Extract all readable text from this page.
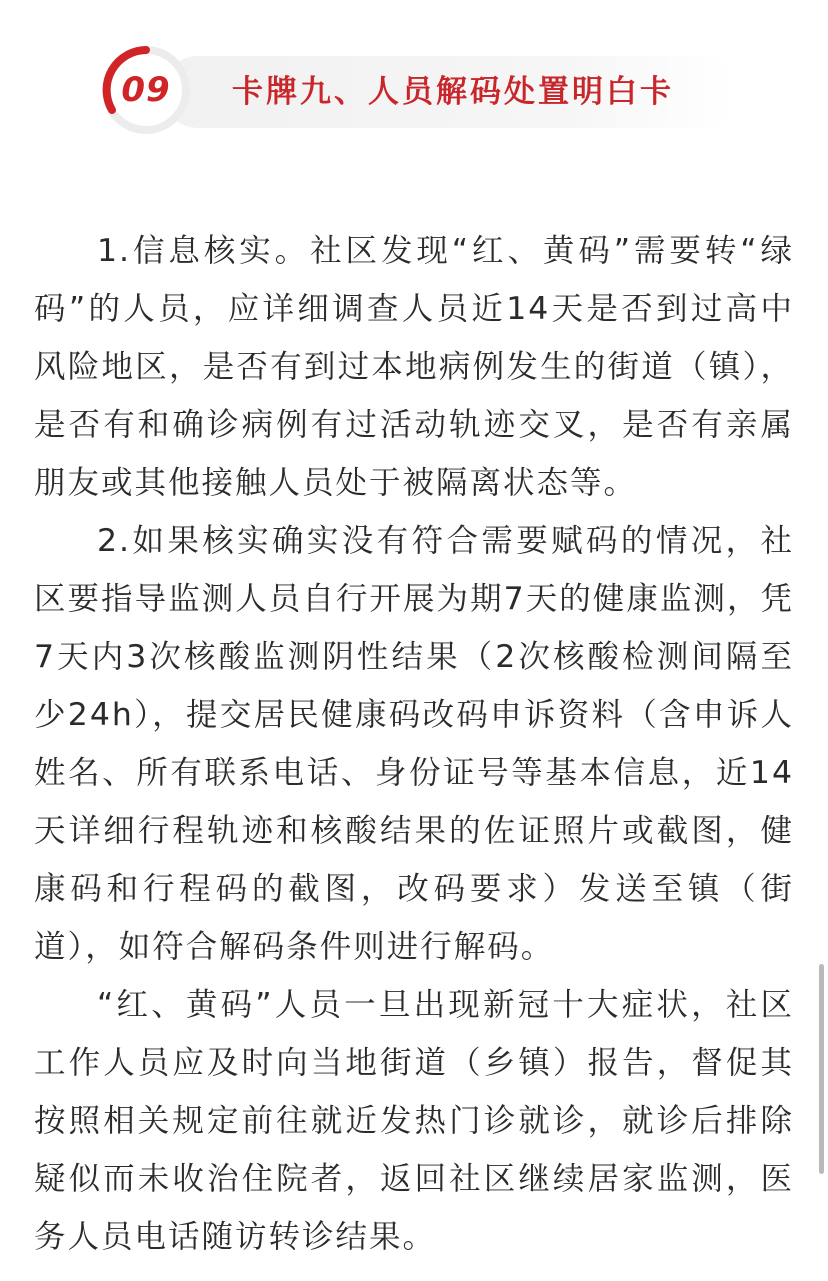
09	卡牌九、人员解码处置明白卡

1.信息核实。社区发现“红、黄码”需要转“绿码”的人员，应详细调查人员近14天是否到过高中风险地区，是否有到过本地病例发生的街道（镇），是否有和确诊病例有过活动轨迹交叉，是否有亲属朋友或其他接触人员处于被隔离状态等。

2.如果核实确实没有符合需要赋码的情况，社区要指导监测人员自行开展为期7天的健康监测，凭7天内3次核酸监测阴性结果（2次核酸检测间隔至少24h），提交居民健康码改码申诉资料（含申诉人姓名、所有联系电话、身份证号等基本信息，近14天详细行程轨迹和核酸结果的佐证照片或截图，健康码和行程码的截图，改码要求）发送至镇（街道），如符合解码条件则进行解码。

“红、黄码”人员一旦出现新冠十大症状，社区工作人员应及时向当地街道（乡镇）报告，督促其按照相关规定前往就近发热门诊就诊，就诊后排除疑似而未收治住院者，返回社区继续居家监测，医务人员电话随访转诊结果。
